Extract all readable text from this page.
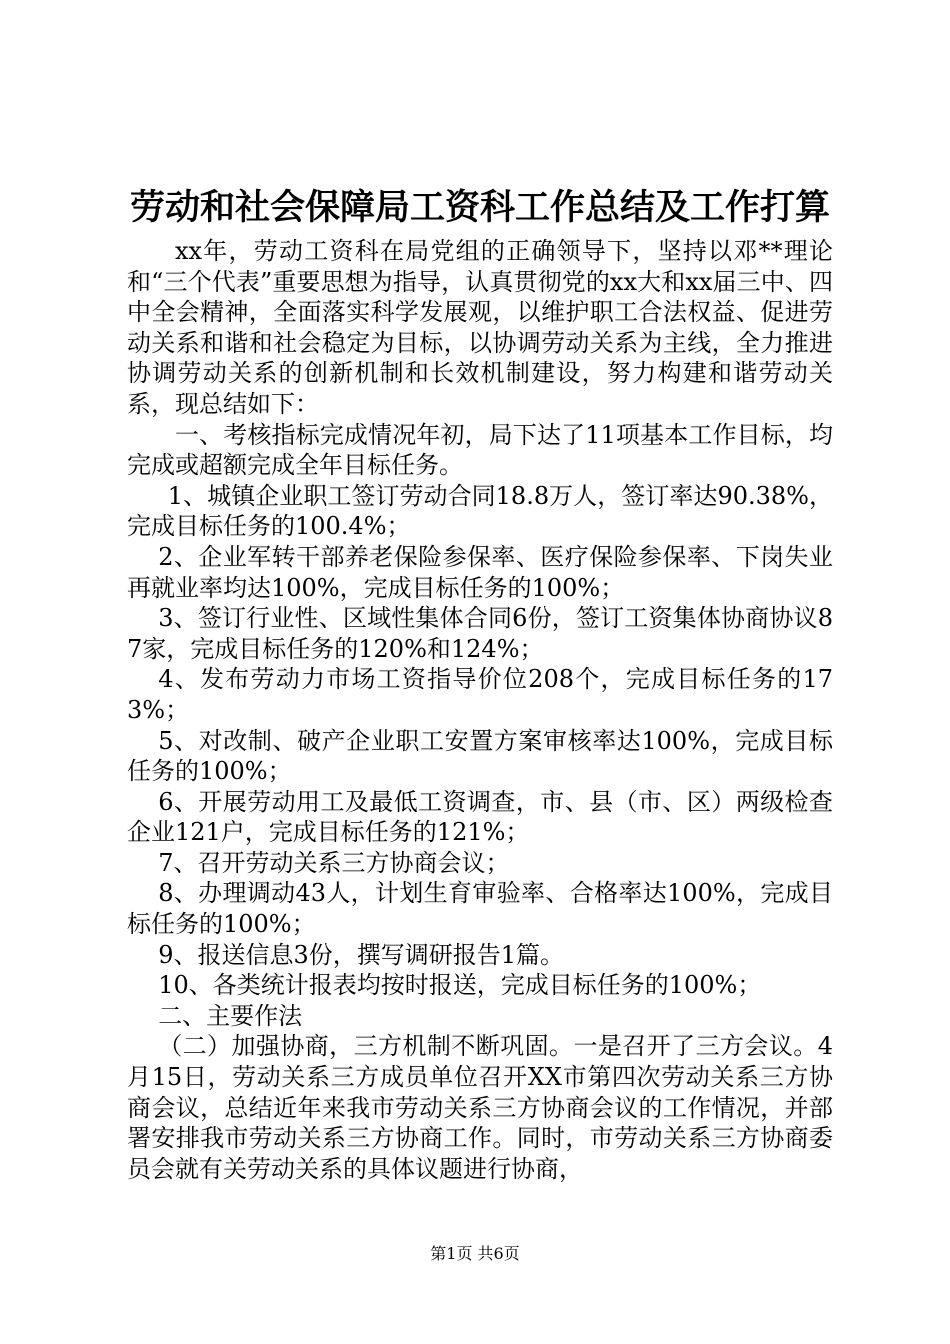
劳动和社会保障局工资科工作总结及工作打算

xx年，劳动工资科在局党组的正确领导下，坚持以邓**理论和“三个代表”重要思想为指导，认真贯彻党的xx大和xx届三中、四中全会精神，全面落实科学发展观，以维护职工合法权益、促进劳动关系和谐和社会稳定为目标，以协调劳动关系为主线，全力推进协调劳动关系的创新机制和长效机制建设，努力构建和谐劳动关系，现总结如下：

一、考核指标完成情况年初，局下达了11项基本工作目标，均完成或超额完成全年目标任务。

1、城镇企业职工签订劳动合同18.8万人，签订率达90.38%，完成目标任务的100.4%；

2、企业军转干部养老保险参保率、医疗保险参保率、下岗失业再就业率均达100%，完成目标任务的100%；

3、签订行业性、区域性集体合同6份，签订工资集体协商协议87家，完成目标任务的120%和124%；

4、发布劳动力市场工资指导价位208个，完成目标任务的173%；

5、对改制、破产企业职工安置方案审核率达100%，完成目标任务的100%；

6、开展劳动用工及最低工资调查，市、县（市、区）两级检查企业121户，完成目标任务的121%；

7、召开劳动关系三方协商会议；

8、办理调动43人，计划生育审验率、合格率达100%，完成目标任务的100%；

9、报送信息3份，撰写调研报告1篇。

10、各类统计报表均按时报送，完成目标任务的100%；

二、主要作法

（二）加强协商，三方机制不断巩固。一是召开了三方会议。4月15日，劳动关系三方成员单位召开XX市第四次劳动关系三方协商会议，总结近年来我市劳动关系三方协商会议的工作情况，并部署安排我市劳动关系三方协商工作。同时，市劳动关系三方协商委员会就有关劳动关系的具体议题进行协商，

第1页 共6页
